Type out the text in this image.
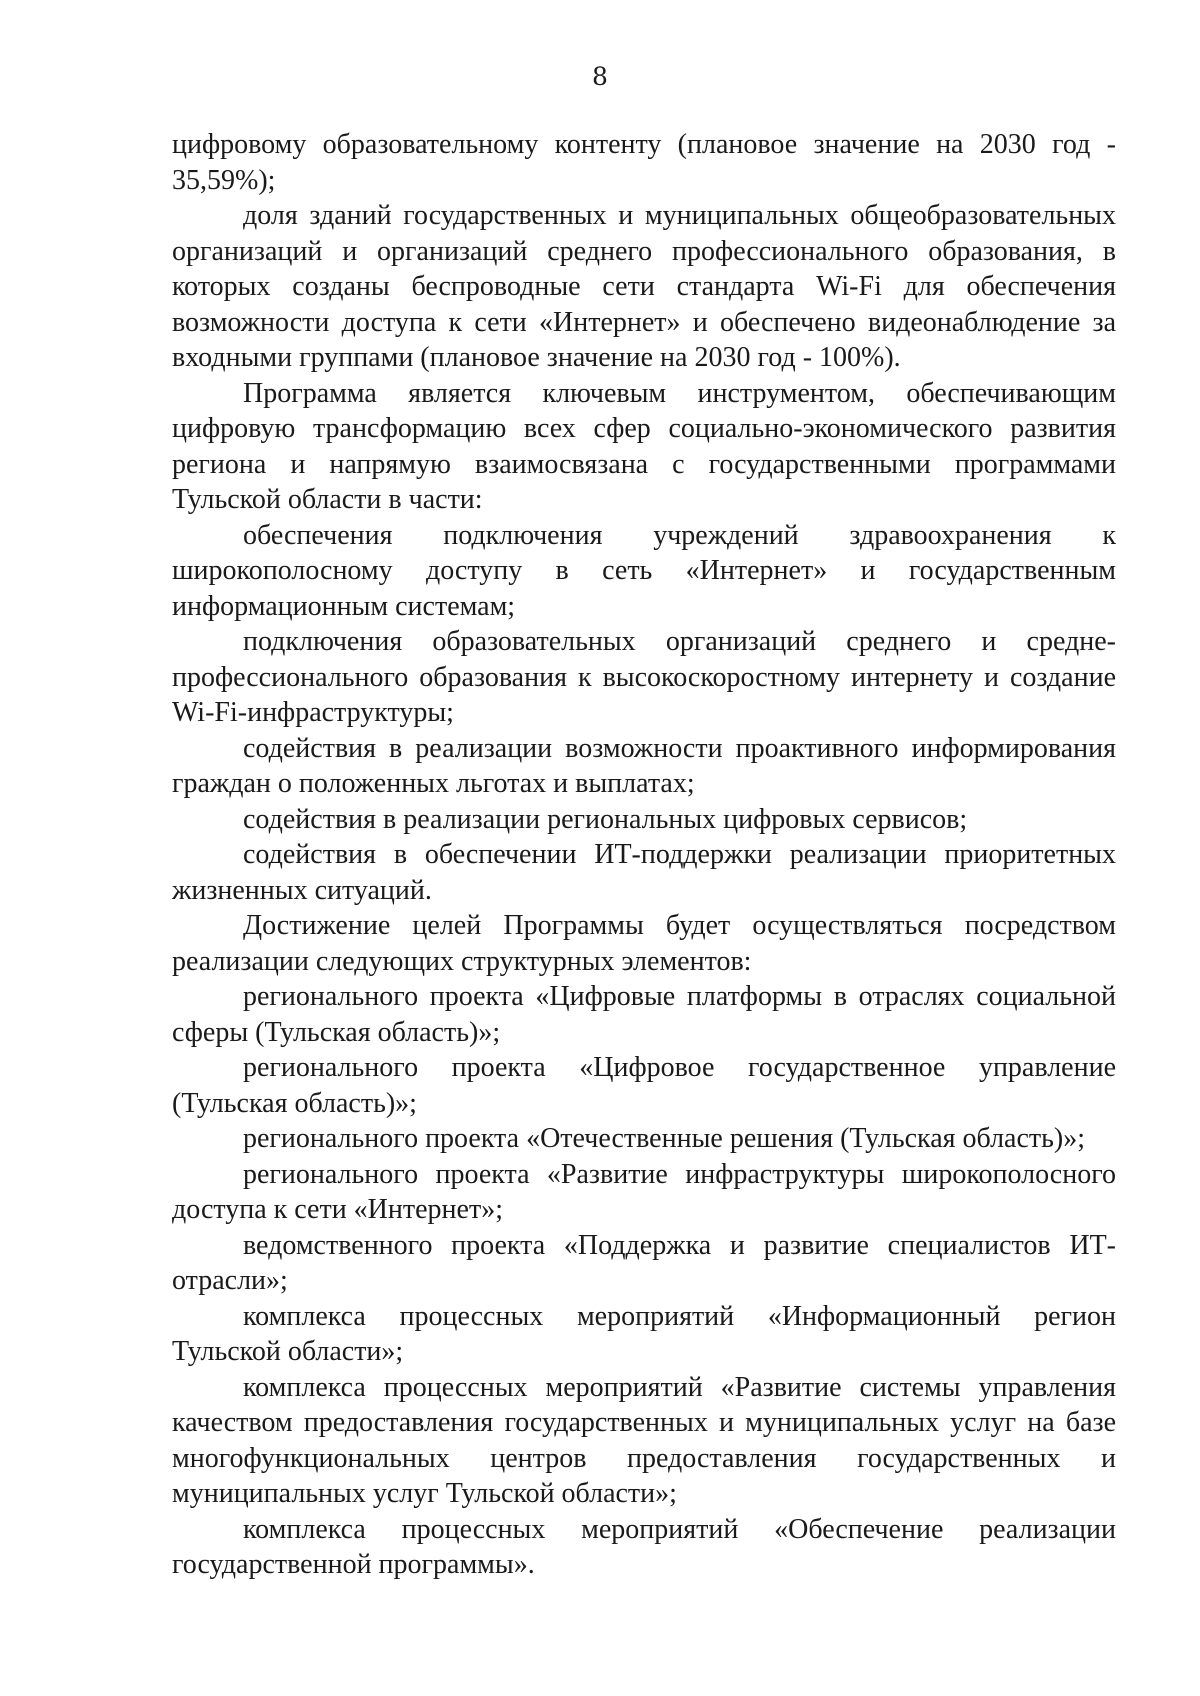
8

цифровому образовательному контенту (плановое значение на 2030 год - 35,59%);

доля зданий государственных и муниципальных общеобразовательных организаций и организаций среднего профессионального образования, в которых созданы беспроводные сети стандарта Wi-Fi для обеспечения возможности доступа к сети «Интернет» и обеспечено видеонаблюдение за входными группами (плановое значение на 2030 год - 100%).

Программа является ключевым инструментом, обеспечивающим цифровую трансформацию всех сфер социально-экономического развития региона и напрямую взаимосвязана с государственными программами Тульской области в части:

обеспечения подключения учреждений здравоохранения к широкополосному доступу в сеть «Интернет» и государственным информационным системам;

подключения образовательных организаций среднего и средне-профессионального образования к высокоскоростному интернету и создание Wi-Fi-инфраструктуры;

содействия в реализации возможности проактивного информирования граждан о положенных льготах и выплатах;

содействия в реализации региональных цифровых сервисов;

содействия в обеспечении ИТ-поддержки реализации приоритетных жизненных ситуаций.

Достижение целей Программы будет осуществляться посредством реализации следующих структурных элементов:

регионального проекта «Цифровые платформы в отраслях социальной сферы (Тульская область)»;

регионального проекта «Цифровое государственное управление (Тульская область)»;

регионального проекта «Отечественные решения (Тульская область)»;

регионального проекта «Развитие инфраструктуры широкополосного доступа к сети «Интернет»;

ведомственного проекта «Поддержка и развитие специалистов ИТ-отрасли»;

комплекса процессных мероприятий «Информационный регион Тульской области»;

комплекса процессных мероприятий «Развитие системы управления качеством предоставления государственных и муниципальных услуг на базе многофункциональных центров предоставления государственных и муниципальных услуг Тульской области»;

комплекса процессных мероприятий «Обеспечение реализации государственной программы».
